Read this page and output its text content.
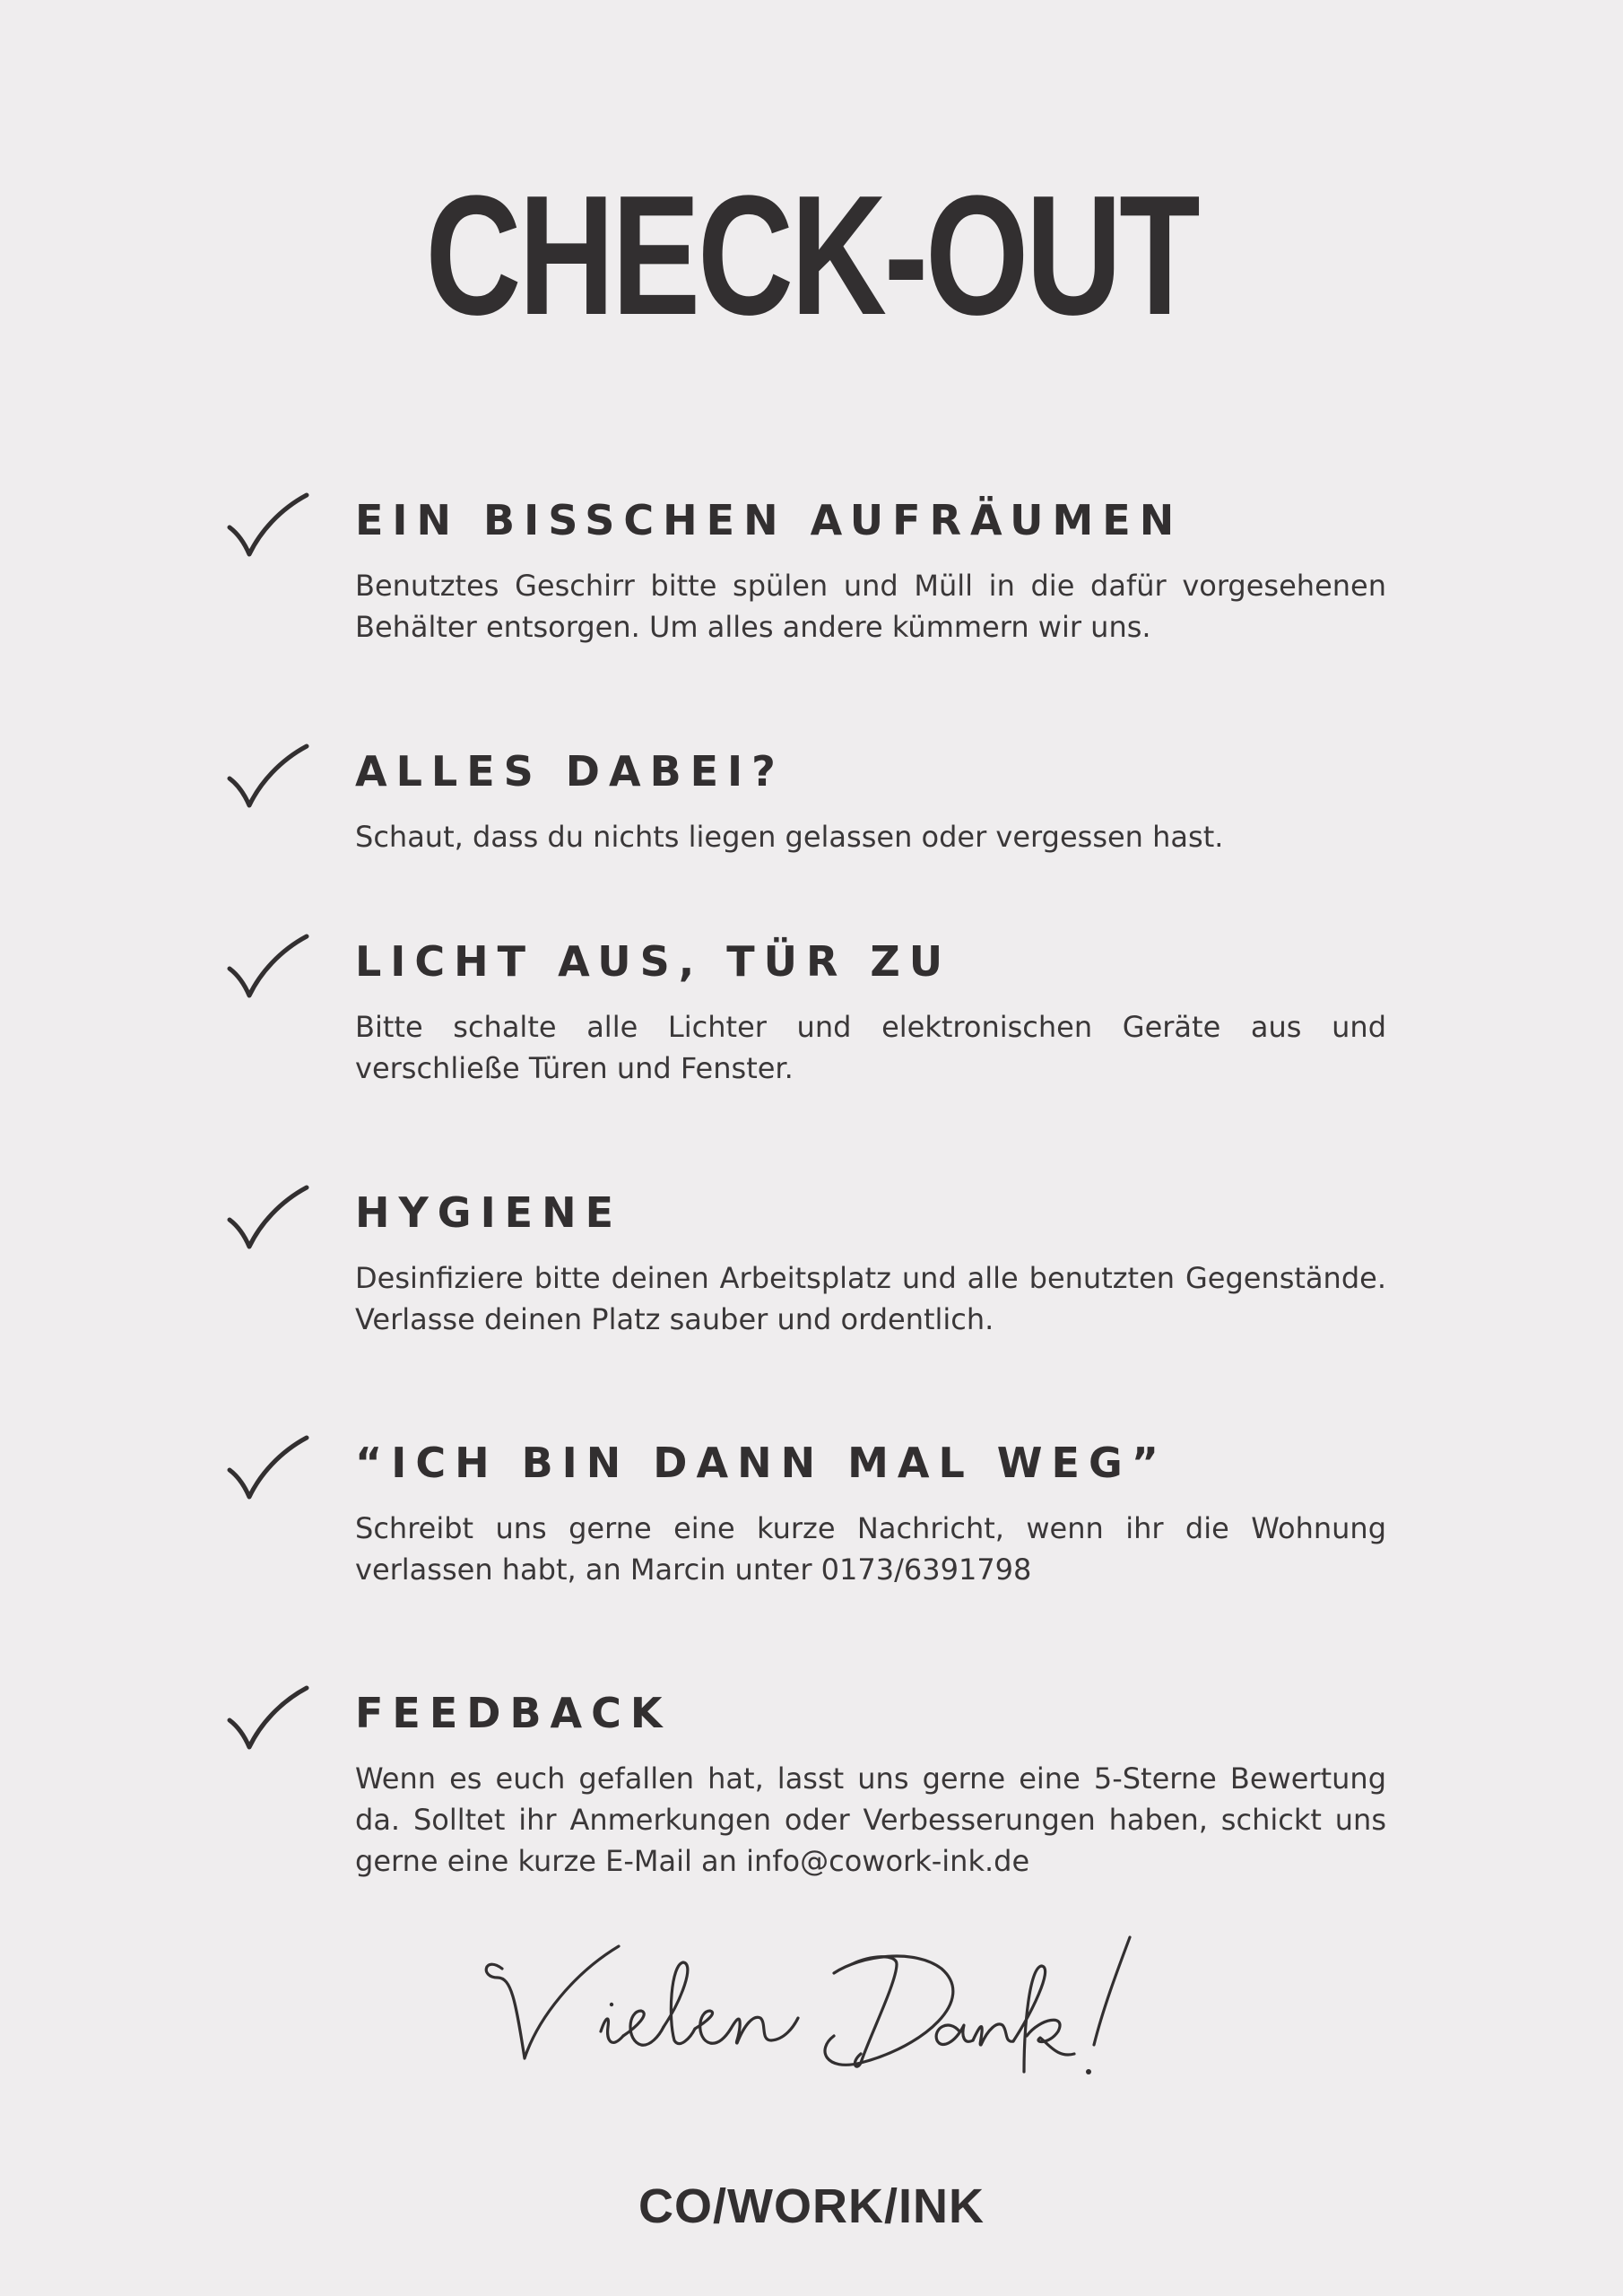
CHECK-OUT
EIN BISSCHEN AUFRÄUMEN

Benutztes Geschirr bitte spülen und Müll in die dafür vorgesehenen Behälter entsorgen. Um alles andere kümmern wir uns.

ALLES DABEI?

Schaut, dass du nichts liegen gelassen oder vergessen hast.

LICHT AUS, TÜR ZU

Bitte schalte alle Lichter und elektronischen Geräte aus und verschließe Türen und Fenster.

HYGIENE

Desinfiziere bitte deinen Arbeitsplatz und alle benutzten Gegenstände. Verlasse deinen Platz sauber und ordentlich.

“ICH BIN DANN MAL WEG”

Schreibt uns gerne eine kurze Nachricht, wenn ihr die Wohnung verlassen habt, an Marcin unter 0173/6391798

FEEDBACK

Wenn es euch gefallen hat, lasst uns gerne eine 5-Sterne Bewertung da. Solltet ihr Anmerkungen oder Verbesserungen haben, schickt uns gerne eine kurze E-Mail an info@cowork-ink.de

CO/WORK/INK
